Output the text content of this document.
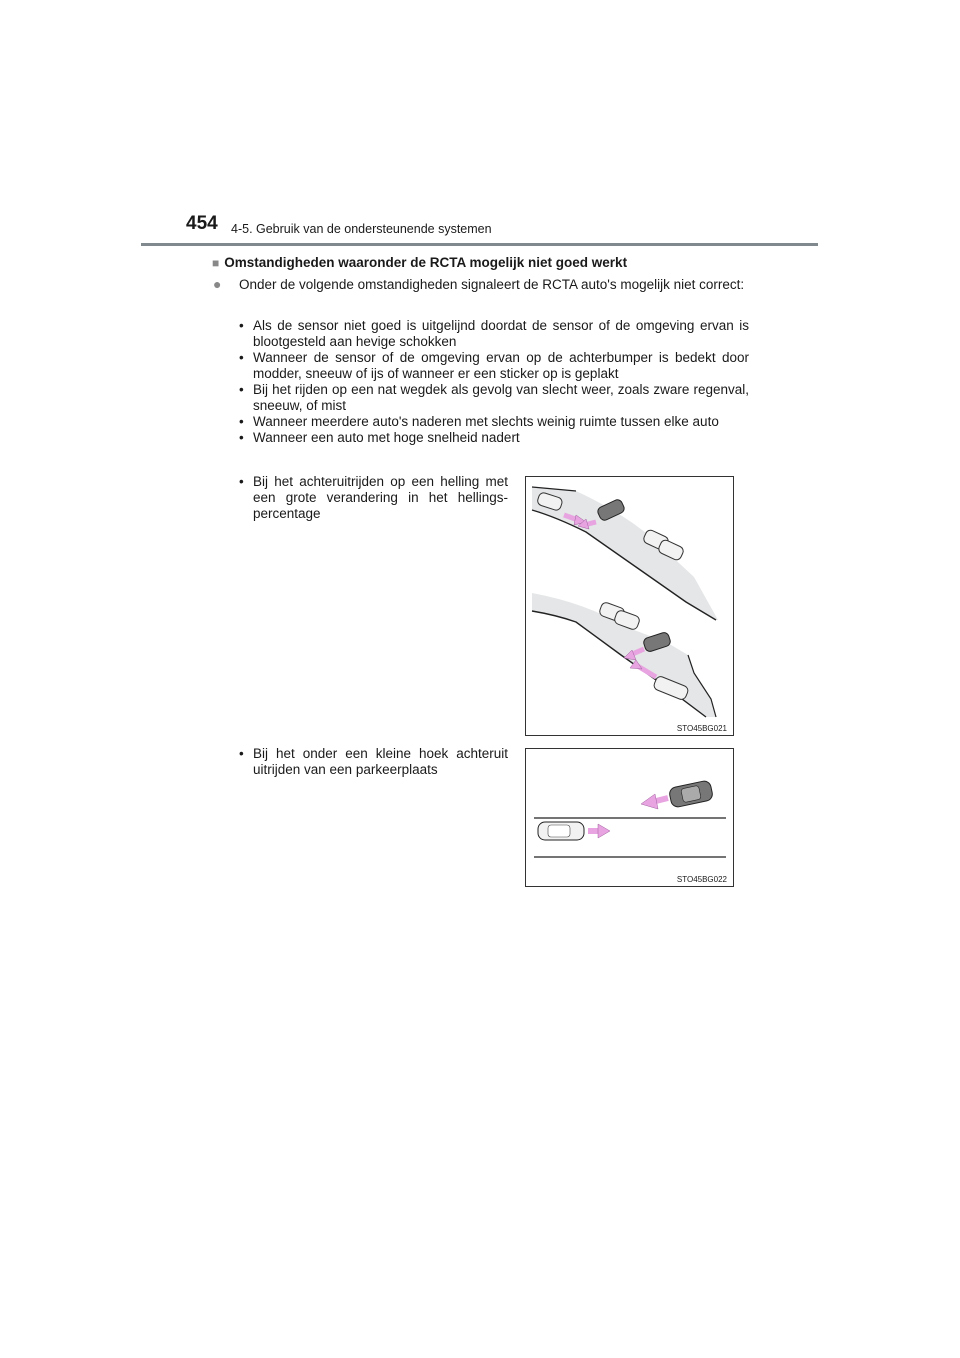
454 4-5. Gebruik van de ondersteunende systemen
■ Omstandigheden waaronder de RCTA mogelijk niet goed werkt
● Onder de volgende omstandigheden signaleert de RCTA auto's mogelijk niet correct:
• Als de sensor niet goed is uitgelijnd doordat de sensor of de omgeving ervan is blootgesteld aan hevige schokken
• Wanneer de sensor of de omgeving ervan op de achterbumper is bedekt door modder, sneeuw of ijs of wanneer er een sticker op is geplakt
• Bij het rijden op een nat wegdek als gevolg van slecht weer, zoals zware regenval, sneeuw, of mist
• Wanneer meerdere auto's naderen met slechts weinig ruimte tussen elke auto
• Wanneer een auto met hoge snelheid nadert
• Bij het achteruitrijden op een helling met een grote verandering in het hellings-percentage
STO45BG021
• Bij het onder een kleine hoek achteruit uitrijden van een parkeerplaats
STO45BG022
